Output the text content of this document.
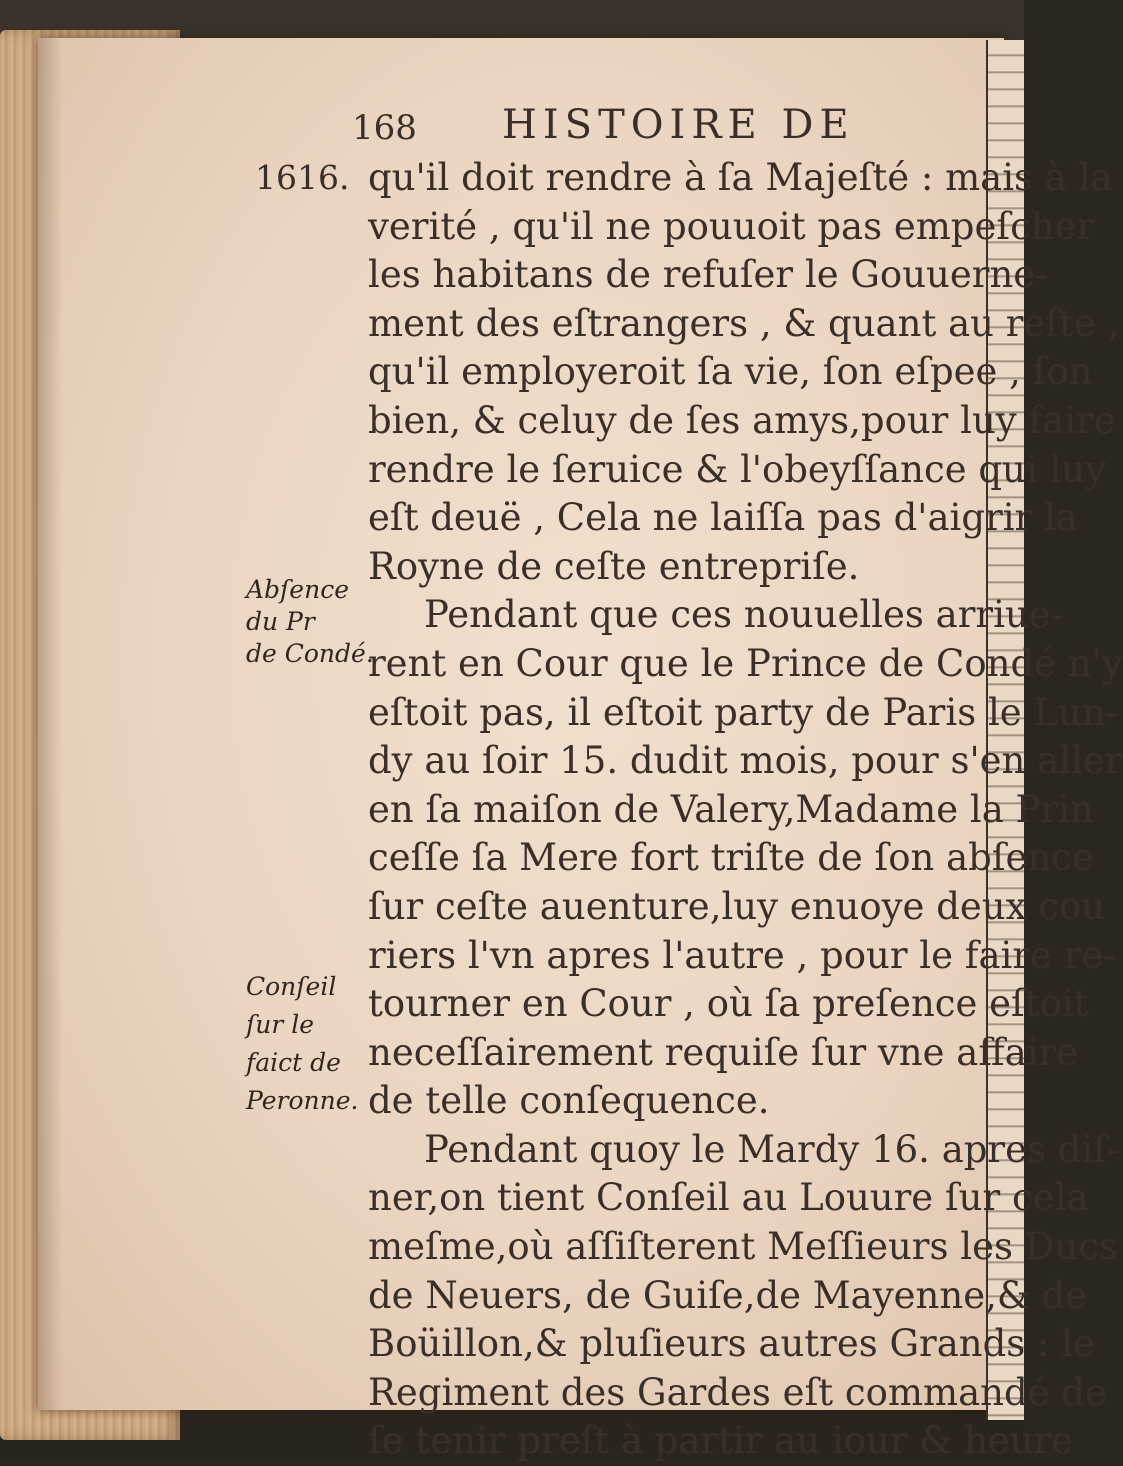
168 HISTOIRE DE
1616.
Abſence
du Pr
de Condé.
Conſeil
ſur le
faict de
Peronne.
qu'il doit rendre à ſa Majeſté : mais à la
verité , qu'il ne pouuoit pas empeſcher
les habitans de refuſer le Gouuerne-
ment des eſtrangers , & quant au reſte ,
qu'il employeroit ſa vie, ſon eſpee , ſon
bien, & celuy de ſes amys,pour luy faire
rendre le ſeruice & l'obeyſſance qui luy
eſt deuë , Cela ne laiſſa pas d'aigrir la
Royne de ceſte entrepriſe.
Pendant que ces nouuelles arriue-
rent en Cour que le Prince de Condé n'y
eſtoit pas, il eſtoit party de Paris le Lun-
dy au ſoir 15. dudit mois, pour s'en aller
en ſa maiſon de Valery,Madame la Prin
ceſſe ſa Mere fort triſte de ſon abſence
ſur ceſte auenture,luy enuoye deux cou
riers l'vn apres l'autre , pour le faire re-
tourner en Cour , où ſa preſence eſtoit
neceſſairement requiſe ſur vne affaire
de telle conſequence.
Pendant quoy le Mardy 16. apres diſ-
ner,on tient Conſeil au Louure ſur cela
meſme,où aſſiſterent Meſſieurs les Ducs
de Neuers, de Guiſe,de Mayenne,& de
Boüillon,& pluſieurs autres Grands : le
Regiment des Gardes eſt commandé de
ſe tenir preſt à partir au iour & heure
